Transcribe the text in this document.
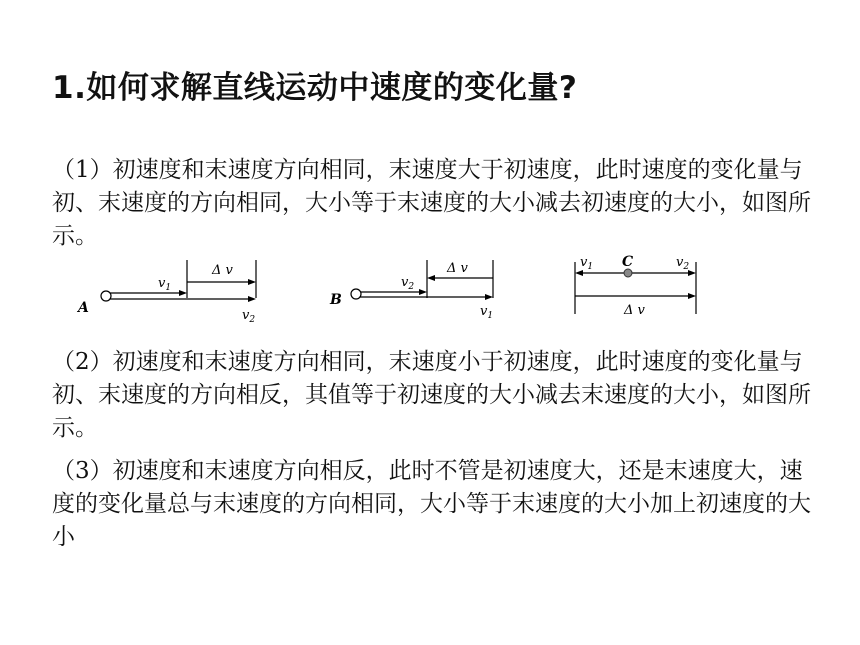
1.如何求解直线运动中速度的变化量?

（1）初速度和末速度方向相同，末速度大于初速度，此时速度的变化量与初、末速度的方向相同，大小等于末速度的大小减去初速度的大小，如图所示。

Δ v
$v_1$
$v_2$
A
Δ v
$v_2$
$v_1$
B
$v_1$	$v_2$
C
Δ v

（2）初速度和末速度方向相同，末速度小于初速度，此时速度的变化量与初、末速度的方向相反，其值等于初速度的大小减去末速度的大小，如图所示。

（3）初速度和末速度方向相反，此时不管是初速度大，还是末速度大，速度的变化量总与末速度的方向相同，大小等于末速度的大小加上初速度的大小
